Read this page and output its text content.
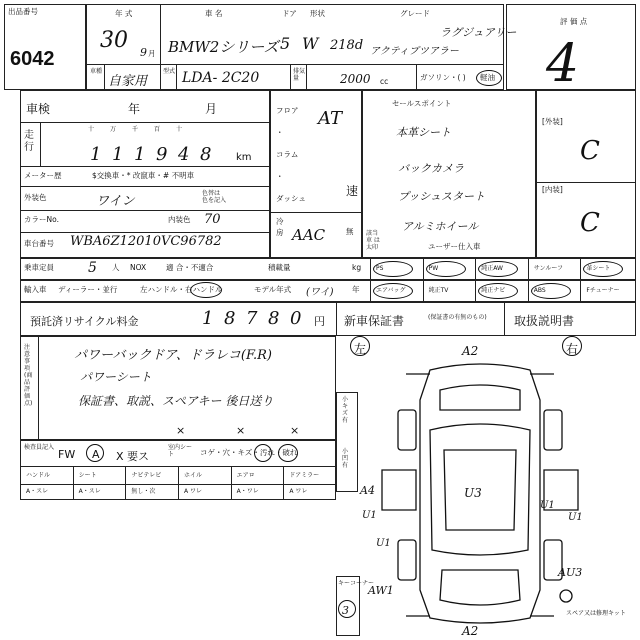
出品番号
6042
年 式
30 9 月
車 名	ドア 形状	グレード
BMW2シリーズ 5 W 218d アクティブツアラー
ラグジュアリー
車種
自家用
型式 LDA- 2C20	排気量	2000 cc	ガソリン・( ) 軽油
評 価 点
4
車検	年	月
走行
十	万	千	百	十
1 1 1 9 4 8 km
メーター歴	$交換車・* 改竄車・# 不明車
外装色	ワイン
色替は
色を記入
カラーNo.	内装色 70
車台番号 WBA6Z12010VC96782
フロア
・
コラム
・
ダッシュ
AT
速
冷房 AAC	無
セールスポイント
該当車 は太印
本革シート
バックカメラ
プッシュスタート
アルミホイール
ユーザー仕入車
[外装]
C
[内装]
C
乗車定員 5 人 NOX	適 合・不適合	積載量	kg
輸入車 ディーラー・並行	左ハンドル・右ハンドル	モデル年式 (ワイ) 年
PS	PW	純正AW	サンルーフ	革シート
エアバッグ	純正TV	純正ナビ	ABS	Fチューナー
預託済リサイクル料金	1 8 7 8 0 円 新車保証書	(保証書の有無のもの) 取扱説明書
注意事項(商品評価点)
パワーバックドア、ドラレコ(F.R)
パワーシート
保証書、取説、スペアキー 後日送り
×	×	×
検査員記入
FW A X 要ス
室内シート	コゲ・穴・キズ・汚れ・破れ
ハンドル	シート	ナビテレビ	ホイル	エアロ	ドアミラー
A・スレ	A・スレ	無し・次	A ワレ	A・ワレ	A ワレ
左	右
小キズ有
小凹有
A2
U3
A4
U1
U1
U1
U1
AU3
AW1
A2
キーコーナー
3	スペア又は修理キット
